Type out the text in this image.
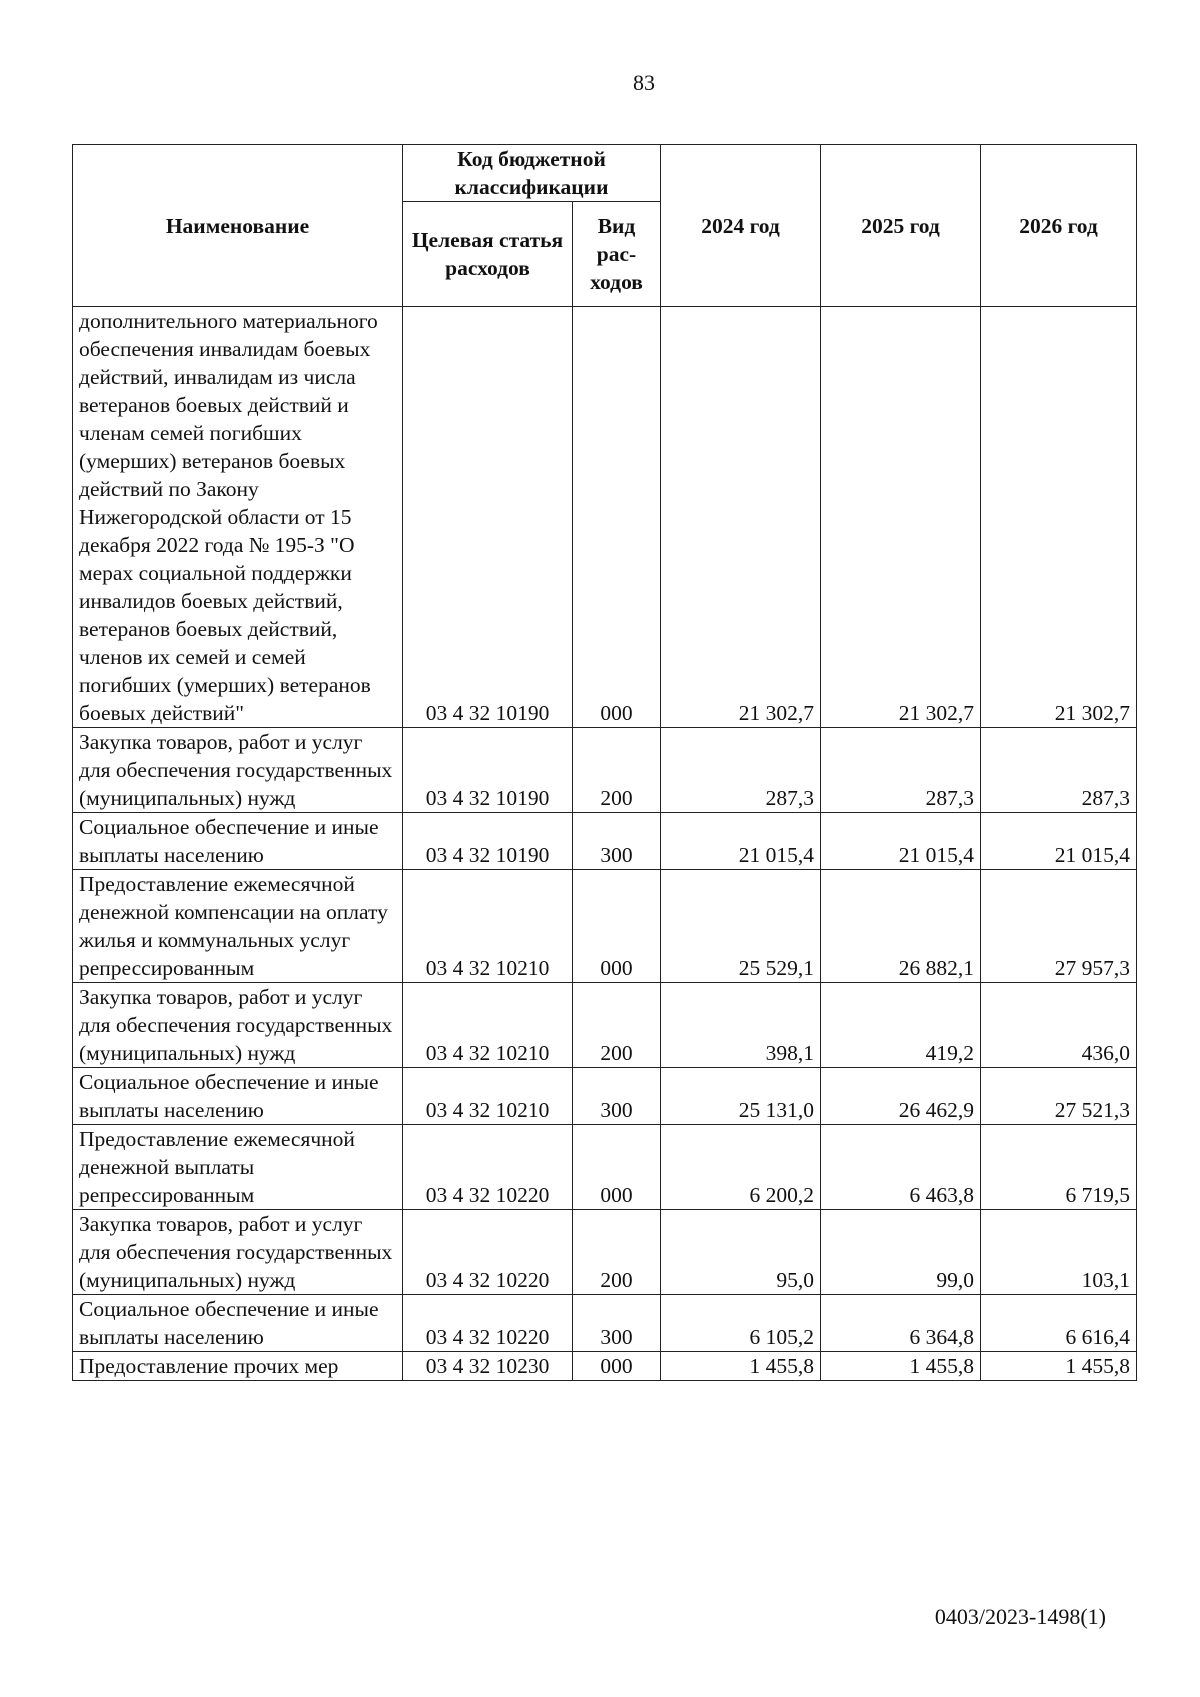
83
Наименование	Код бюджетной классификации		2024 год	2025 год	2026 год
	Целевая статья расходов	Вид рас-ходов			
дополнительного материального обеспечения инвалидам боевых действий, инвалидам из числа ветеранов боевых действий и членам семей погибших (умерших) ветеранов боевых действий по Закону Нижегородской области от 15 декабря 2022 года № 195-З "О мерах социальной поддержки инвалидов боевых действий, ветеранов боевых действий, членов их семей и семей погибших (умерших) ветеранов боевых действий"	03 4 32 10190	000	21 302,7	21 302,7	21 302,7
Закупка товаров, работ и услуг для обеспечения государственных (муниципальных) нужд	03 4 32 10190	200	287,3	287,3	287,3
Социальное обеспечение и иные выплаты населению	03 4 32 10190	300	21 015,4	21 015,4	21 015,4
Предоставление ежемесячной денежной компенсации на оплату жилья и коммунальных услуг репрессированным	03 4 32 10210	000	25 529,1	26 882,1	27 957,3
Закупка товаров, работ и услуг для обеспечения государственных (муниципальных) нужд	03 4 32 10210	200	398,1	419,2	436,0
Социальное обеспечение и иные выплаты населению	03 4 32 10210	300	25 131,0	26 462,9	27 521,3
Предоставление ежемесячной денежной выплаты репрессированным	03 4 32 10220	000	6 200,2	6 463,8	6 719,5
Закупка товаров, работ и услуг для обеспечения государственных (муниципальных) нужд	03 4 32 10220	200	95,0	99,0	103,1
Социальное обеспечение и иные выплаты населению	03 4 32 10220	300	6 105,2	6 364,8	6 616,4
Предоставление прочих мер	03 4 32 10230	000	1 455,8	1 455,8	1 455,8
0403/2023-1498(1)
